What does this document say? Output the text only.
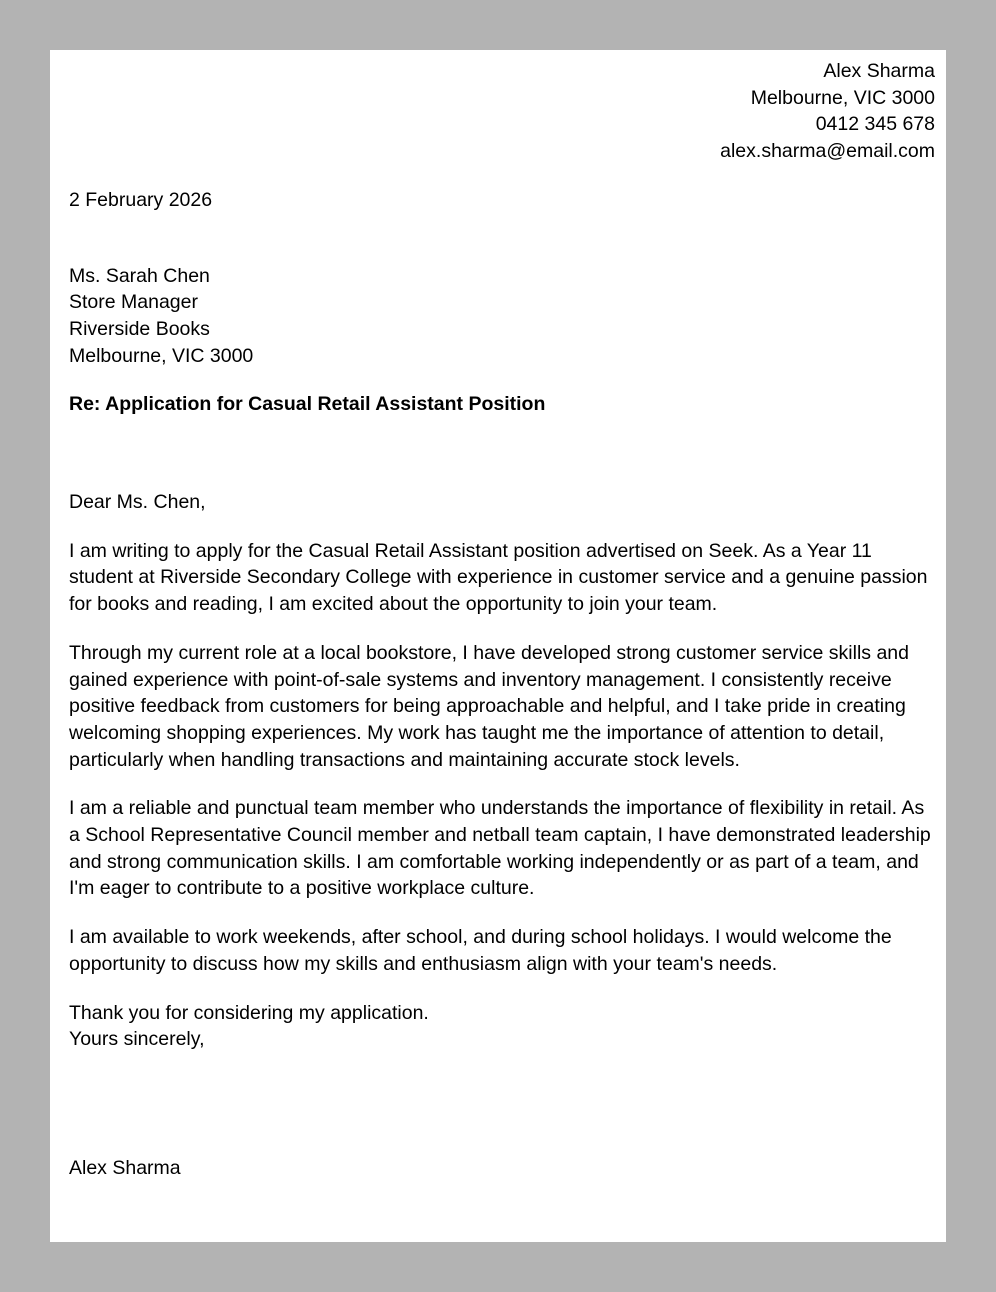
Alex Sharma
Melbourne, VIC 3000
0412 345 678
alex.sharma@email.com
2 February 2026
Ms. Sarah Chen
Store Manager
Riverside Books
Melbourne, VIC 3000
Re: Application for Casual Retail Assistant Position
Dear Ms. Chen,

I am writing to apply for the Casual Retail Assistant position advertised on Seek. As a Year 11 student at Riverside Secondary College with experience in customer service and a genuine passion for books and reading, I am excited about the opportunity to join your team.

Through my current role at a local bookstore, I have developed strong customer service skills and gained experience with point-of-sale systems and inventory management. I consistently receive positive feedback from customers for being approachable and helpful, and I take pride in creating welcoming shopping experiences. My work has taught me the importance of attention to detail, particularly when handling transactions and maintaining accurate stock levels.

I am a reliable and punctual team member who understands the importance of flexibility in retail. As a School Representative Council member and netball team captain, I have demonstrated leadership and strong communication skills. I am comfortable working independently or as part of a team, and I'm eager to contribute to a positive workplace culture.

I am available to work weekends, after school, and during school holidays. I would welcome the opportunity to discuss how my skills and enthusiasm align with your team's needs.

Thank you for considering my application.
Yours sincerely,
Alex Sharma
